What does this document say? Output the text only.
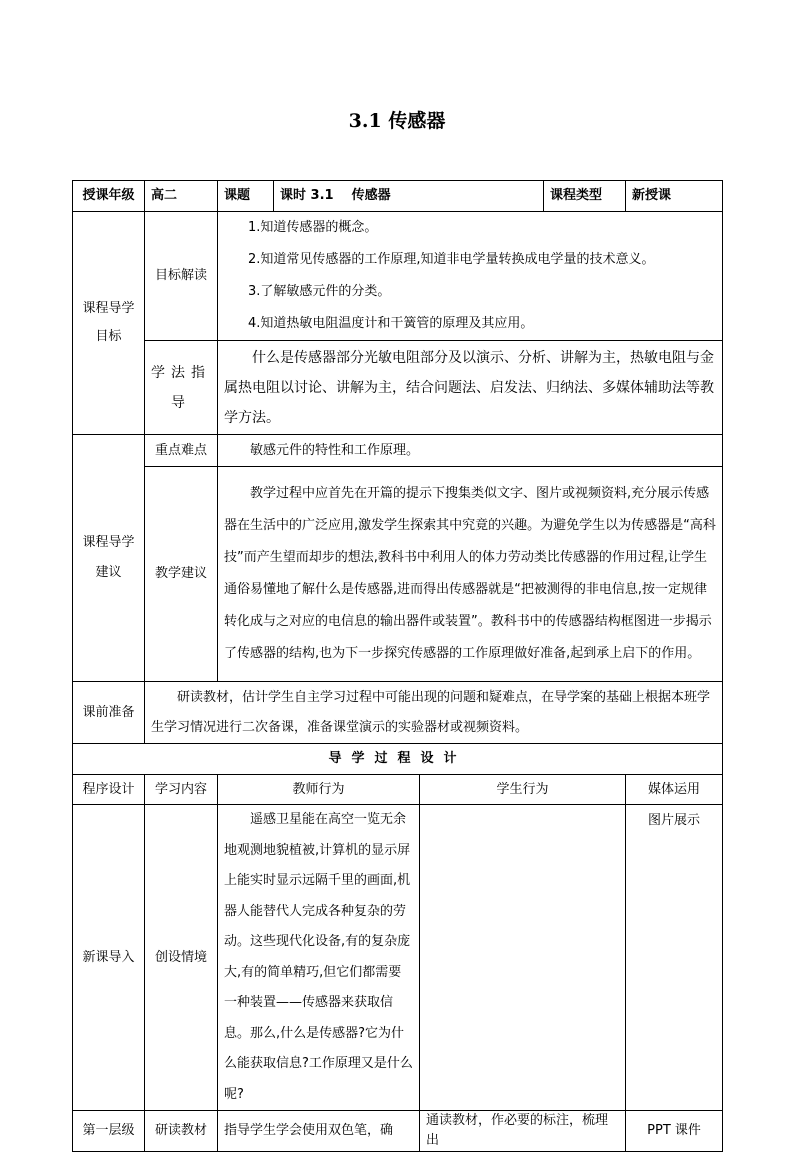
3.1 传感器
授课年级	高二	课题	课时 3.1 传感器		课程类型	新授课
课程导学目标	目标解读	1.知道传感器的概念。

2.知道常见传感器的工作原理,知道非电学量转换成电学量的技术意义。

3.了解敏感元件的分类。

4.知道热敏电阻温度计和干簧管的原理及其应用。				

	学法指导	什么是传感器部分光敏电阻部分及以演示、分析、讲解为主，热敏电阻与金属热电阻以讨论、讲解为主，结合问题法、启发法、归纳法、多媒体辅助法等教学方法。				
课程导学建议	重点难点	敏感元件的特性和工作原理。				
	教学建议	教学过程中应首先在开篇的提示下搜集类似文字、图片或视频资料,充分展示传感器在生活中的广泛应用,激发学生探索其中究竟的兴趣。为避免学生以为传感器是“高科技”而产生望而却步的想法,教科书中利用人的体力劳动类比传感器的作用过程,让学生通俗易懂地了解什么是传感器,进而得出传感器就是“把被测得的非电信息,按一定规律转化成与之对应的电信息的输出器件或装置”。教科书中的传感器结构框图进一步揭示了传感器的结构,也为下一步探究传感器的工作原理做好准备,起到承上启下的作用。				
课前准备	研读教材，估计学生自主学习过程中可能出现的问题和疑难点，在导学案的基础上根据本班学生学习情况进行二次备课，准备课堂演示的实验器材或视频资料。					
导学过程设计						
程序设计	学习内容	教师行为		学生行为		媒体运用
新课导入	创设情境	遥感卫星能在高空一览无余地观测地貌植被,计算机的显示屏上能实时显示远隔千里的画面,机器人能替代人完成各种复杂的劳动。这些现代化设备,有的复杂庞大,有的简单精巧,但它们都需要一种装置——传感器来获取信息。那么,什么是传感器?它为什么能获取信息?工作原理又是什么呢?				图片展示
第一层级	研读教材	指导学生学会使用双色笔，确		通读教材，作必要的标注，梳理出		PPT 课件
